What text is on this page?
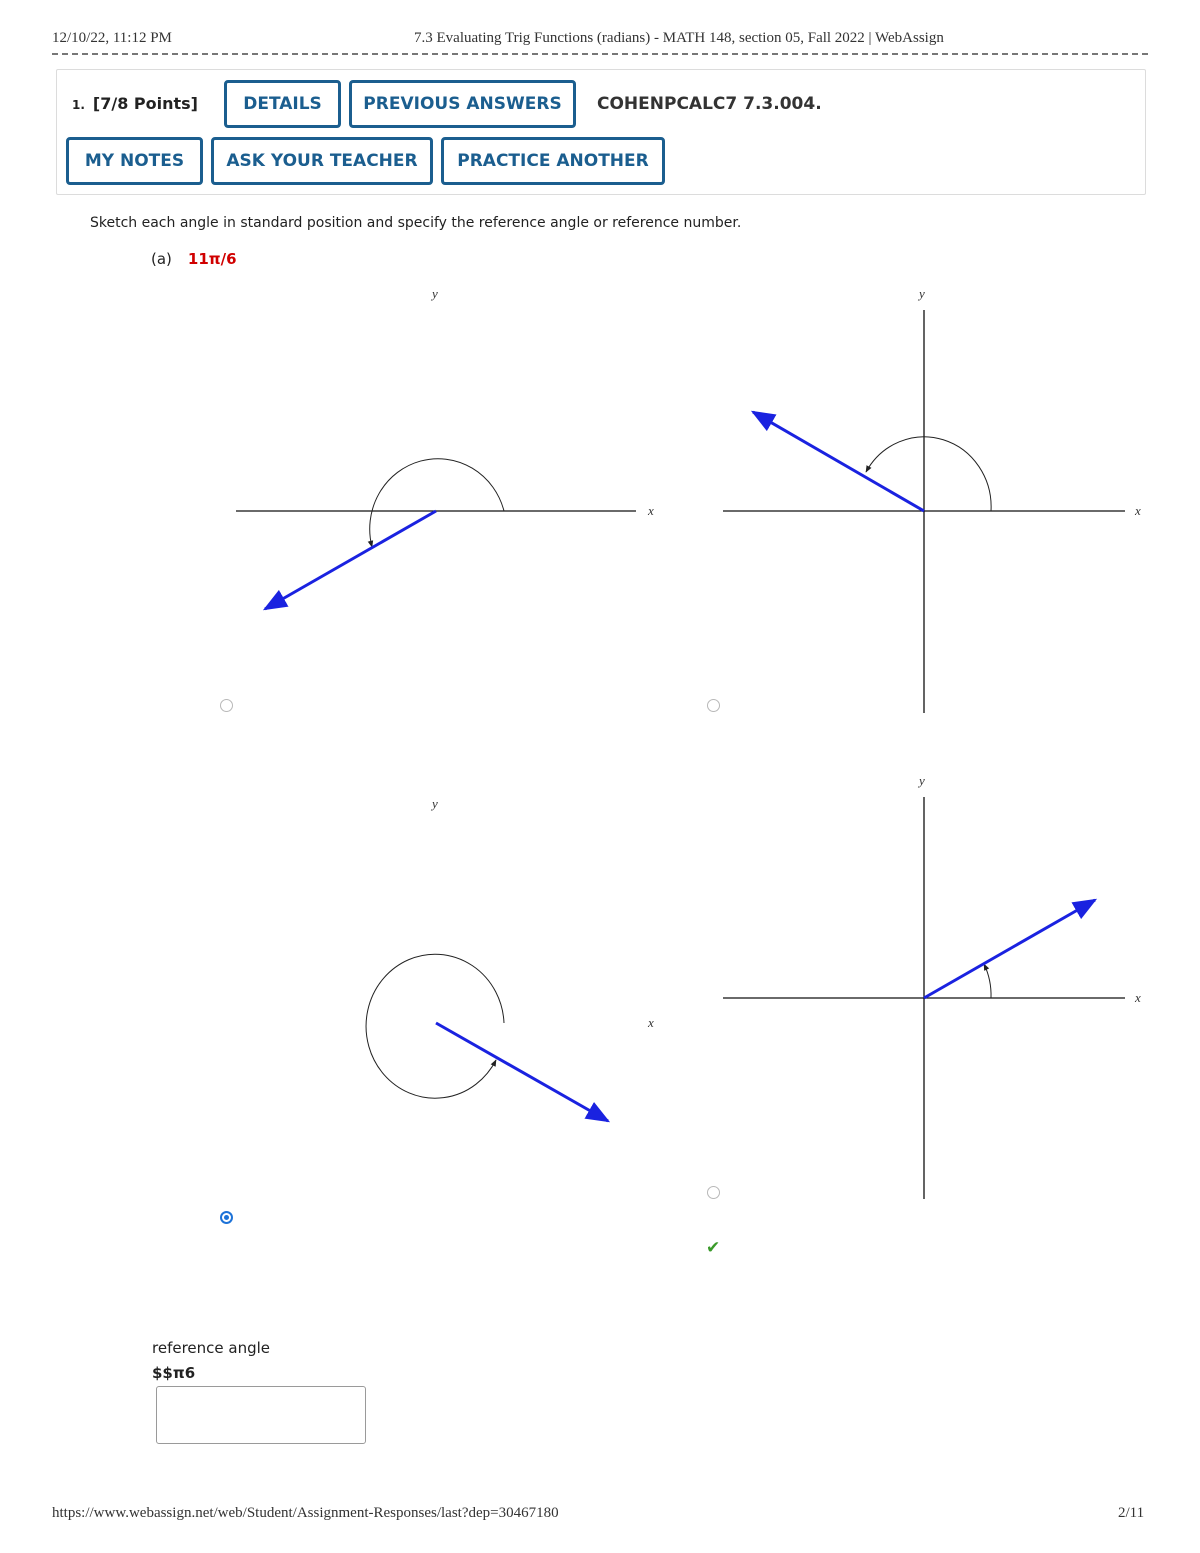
12/10/22, 11:12 PM	7.3 Evaluating Trig Functions (radians) - MATH 148, section 05, Fall 2022 | WebAssign
1. [7/8 Points]	DETAILS	PREVIOUS ANSWERS	COHENPCALC7 7.3.004.
MY NOTES	ASK YOUR TEACHER	PRACTICE ANOTHER
Sketch each angle in standard position and specify the reference angle or reference number.
(a) 11π/6
x
y
x
y
x
y
x
y
✔
reference angle
$$π6
https://www.webassign.net/web/Student/Assignment-Responses/last?dep=30467180	2/11
